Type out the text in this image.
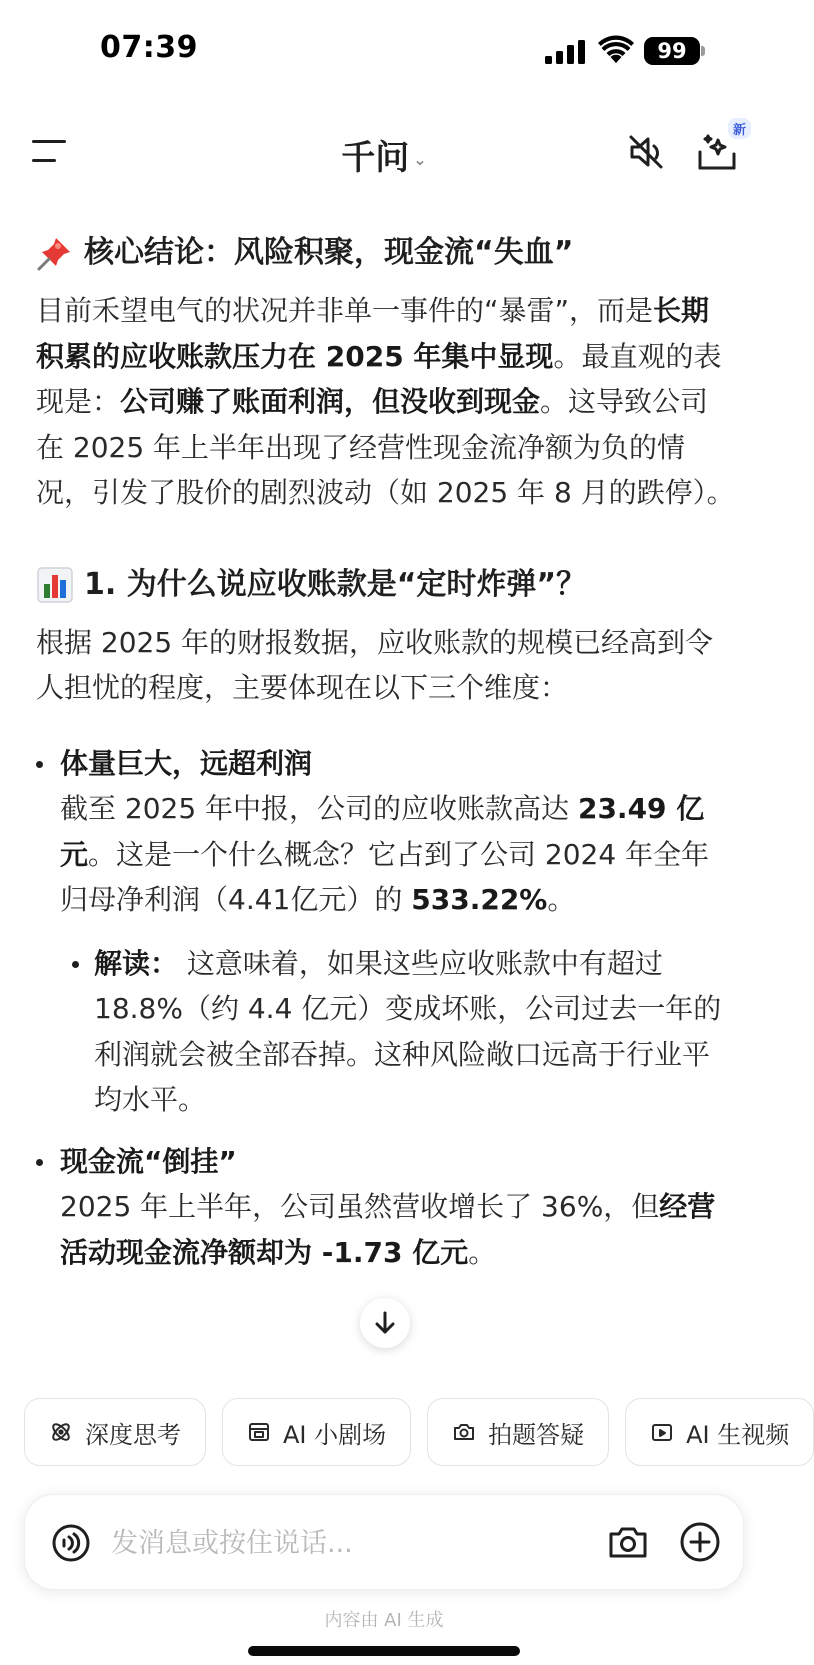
07:39	99
千问 ⌄
新
核心结论：风险积聚，现金流“失血”

目前禾望电气的状况并非单一事件的“暴雷”，而是长期积累的应收账款压力在 2025 年集中显现。最直观的表现是：公司赚了账面利润，但没收到现金。这导致公司在 2025 年上半年出现了经营性现金流净额为负的情况，引发了股价的剧烈波动（如 2025 年 8 月的跌停）。

1. 为什么说应收账款是“定时炸弹”？

根据 2025 年的财报数据，应收账款的规模已经高到令人担忧的程度，主要体现在以下三个维度：

体量巨大，远超利润
截至 2025 年中报，公司的应收账款高达 23.49 亿元。这是一个什么概念？它占到了公司 2024 年全年归母净利润（4.41亿元）的 533.22%。
解读： 这意味着，如果这些应收账款中有超过 18.8%（约 4.4 亿元）变成坏账，公司过去一年的利润就会被全部吞掉。这种风险敞口远高于行业平均水平。
现金流“倒挂”
2025 年上半年，公司虽然营收增长了 36%，但经营活动现金流净额却为 -1.73 亿元。
深度思考	AI 小剧场	拍题答疑	AI 生视频
发消息或按住说话...
内容由 AI 生成
